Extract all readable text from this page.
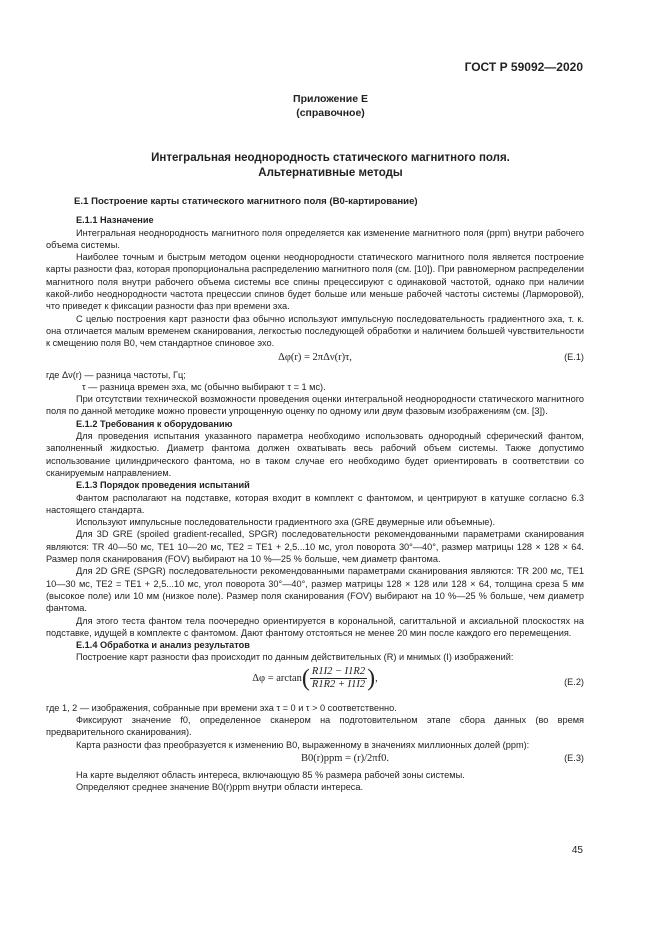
ГОСТ Р 59092—2020
Приложение Е
(справочное)
Интегральная неоднородность статического магнитного поля.
Альтернативные методы

Е.1 Построение карты статического магнитного поля (B0-картирование)

Е.1.1 Назначение

Интегральная неоднородность магнитного поля определяется как изменение магнитного поля (ppm) внутри рабочего объема системы.

Наиболее точным и быстрым методом оценки неоднородности статического магнитного поля является построение карты разности фаз, которая пропорциональна распределению магнитного поля (см. [10]). При равномерном распределении магнитного поля внутри рабочего объема системы все спины прецессируют с одинаковой частотой, однако при наличии какой-либо неоднородности частота прецессии спинов будет больше или меньше рабочей частоты системы (Ларморовой), что приведет к фиксации разности фаз при времени эха.

С целью построения карт разности фаз обычно используют импульсную последовательность градиентного эха, т. к. она отличается малым временем сканирования, легкостью последующей обработки и наличием большей чувствительности к смещению поля B0, чем стандартное спиновое эхо.

Δφ(r) = 2πΔν(r)τ,	(Е.1)

где Δν(r) — разница частоты, Гц;

τ — разница времен эха, мс (обычно выбирают τ = 1 мс).

При отсутствии технической возможности проведения оценки интегральной неоднородности статического магнитного поля по данной методике можно провести упрощенную оценку по одному или двум фазовым изображениям (см. [3]).

Е.1.2 Требования к оборудованию

Для проведения испытания указанного параметра необходимо использовать однородный сферический фантом, заполненный жидкостью. Диаметр фантома должен охватывать весь рабочий объем системы. Также допустимо использование цилиндрического фантома, но в таком случае его необходимо будет ориентировать в соответствии со сканируемым направлением.

Е.1.3 Порядок проведения испытаний

Фантом располагают на подставке, которая входит в комплект с фантомом, и центрируют в катушке согласно 6.3 настоящего стандарта.

Используют импульсные последовательности градиентного эха (GRE двумерные или объемные).

Для 3D GRE (spoiled gradient-recalled, SPGR) последовательности рекомендованными параметрами сканирования являются: TR 40—50 мс, TE1 10—20 мс, TE2 = TE1 + 2,5...10 мс, угол поворота 30°—40°, размер матрицы 128 × 128 × 64. Размер поля сканирования (FOV) выбирают на 10 %—25 % больше, чем диаметр фантома.

Для 2D GRE (SPGR) последовательности рекомендованными параметрами сканирования являются: TR 200 мс, TE1 10—30 мс, TE2 = TE1 + 2,5...10 мс, угол поворота 30°—40°, размер матрицы 128 × 128 или 128 × 64, толщина среза 5 мм (высокое поле) или 10 мм (низкое поле). Размер поля сканирования (FOV) выбирают на 10 %—25 % больше, чем диаметр фантома.

Для этого теста фантом тела поочередно ориентируется в корональной, сагиттальной и аксиальной плоскостях на подставке, идущей в комплекте с фантомом. Дают фантому отстояться не менее 20 мин после каждого его перемещения.

Е.1.4 Обработка и анализ результатов

Построение карт разности фаз происходит по данным действительных (R) и мнимых (I) изображений:

$\Delta\varphi = \arctan( \frac{R1I2 - I1R2}{R1R2 + I1I2}$ ),	(Е.2)

где 1, 2 — изображения, собранные при времени эха τ = 0 и τ > 0 соответственно.

Фиксируют значение f0, определенное сканером на подготовительном этапе сбора данных (во время предварительного сканирования).

Карта разности фаз преобразуется к изменению B0, выраженному в значениях миллионных долей (ppm):

B0(r)ppm = (r)/2πf0.	(Е.3)

На карте выделяют область интереса, включающую 85 % размера рабочей зоны системы.

Определяют среднее значение B0(r)ppm внутри области интереса.

45
